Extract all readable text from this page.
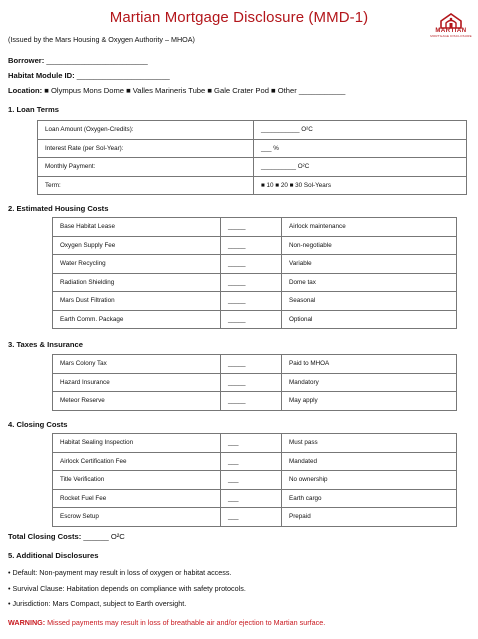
Martian Mortgage Disclosure (MMD-1)
MARTIAN
MORTGAGE DISCLOSURE
(Issued by the Mars Housing & Oxygen Authority – MHOA)
Borrower: ________________________
Habitat Module ID: ______________________
Location: ■ Olympus Mons Dome ■ Valles Marineris Tube ■ Gale Crater Pod ■ Other ___________
1. Loan Terms
Loan Amount (Oxygen-Credits):	___________ O²C
Interest Rate (per Sol-Year):	___ %
Monthly Payment:	__________ O²C
Term:	■ 10 ■ 20 ■ 30 Sol-Years
2. Estimated Housing Costs
Base Habitat Lease	_____	Airlock maintenance
Oxygen Supply Fee	_____	Non-negotiable
Water Recycling	_____	Variable
Radiation Shielding	_____	Dome tax
Mars Dust Filtration	_____	Seasonal
Earth Comm. Package	_____	Optional
3. Taxes & Insurance
Mars Colony Tax	_____	Paid to MHOA
Hazard Insurance	_____	Mandatory
Meteor Reserve	_____	May apply
4. Closing Costs
Habitat Sealing Inspection	___	Must pass
Airlock Certification Fee	___	Mandated
Title Verification	___	No ownership
Rocket Fuel Fee	___	Earth cargo
Escrow Setup	___	Prepaid
Total Closing Costs: ______ O²C
5. Additional Disclosures
• Default: Non-payment may result in loss of oxygen or habitat access.
• Survival Clause: Habitation depends on compliance with safety protocols.
• Jurisdiction: Mars Compact, subject to Earth oversight.
WARNING: Missed payments may result in loss of breathable air and/or ejection to Martian surface.
